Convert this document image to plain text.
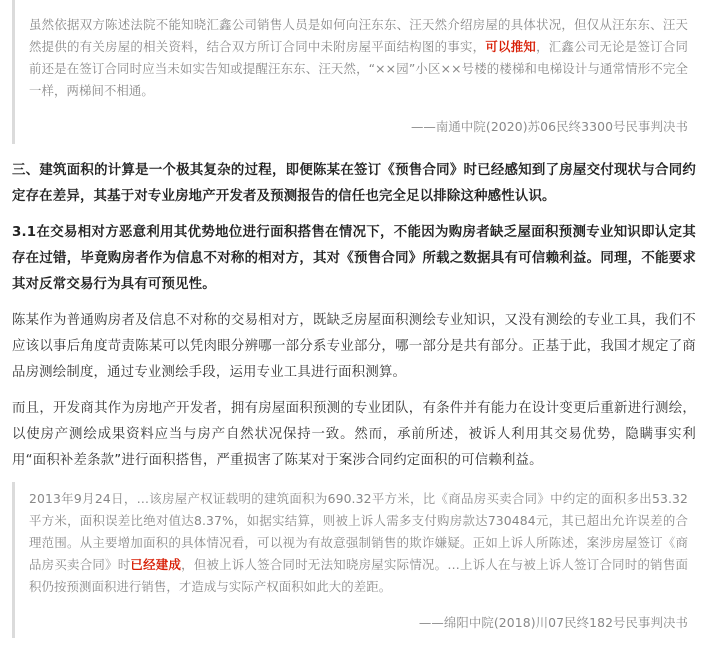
虽然依据双方陈述法院不能知晓汇鑫公司销售人员是如何向汪东东、汪天然介绍房屋的具体状况，但仅从汪东东、汪天然提供的有关房屋的相关资料，结合双方所订合同中未附房屋平面结构图的事实，可以推知，汇鑫公司无论是签订合同前还是在签订合同时应当未如实告知或提醒汪东东、汪天然，“××园”小区××号楼的楼梯和电梯设计与通常情形不完全一样，两梯间不相通。

——南通中院(2020)苏06民终3300号民事判决书

三、建筑面积的计算是一个极其复杂的过程，即便陈某在签订《预售合同》时已经感知到了房屋交付现状与合同约定存在差异，其基于对专业房地产开发者及预测报告的信任也完全足以排除这种感性认识。

3.1在交易相对方恶意利用其优势地位进行面积搭售在情况下，不能因为购房者缺乏屋面积预测专业知识即认定其存在过错，毕竟购房者作为信息不对称的相对方，其对《预售合同》所载之数据具有可信赖利益。同理，不能要求其对反常交易行为具有可预见性。

陈某作为普通购房者及信息不对称的交易相对方，既缺乏房屋面积测绘专业知识，又没有测绘的专业工具，我们不应该以事后角度苛责陈某可以凭肉眼分辨哪一部分系专业部分，哪一部分是共有部分。正基于此，我国才规定了商品房测绘制度，通过专业测绘手段，运用专业工具进行面积测算。

而且，开发商其作为房地产开发者，拥有房屋面积预测的专业团队，有条件并有能力在设计变更后重新进行测绘，以使房产测绘成果资料应当与房产自然状况保持一致。然而，承前所述，被诉人利用其交易优势，隐瞒事实利用“面积补差条款”进行面积搭售，严重损害了陈某对于案涉合同约定面积的可信赖利益。

2013年9月24日，…该房屋产权证载明的建筑面积为690.32平方米，比《商品房买卖合同》中约定的面积多出53.32平方米，面积误差比绝对值达8.37%，如据实结算，则被上诉人需多支付购房款达730484元，其已超出允许误差的合理范围。从主要增加面积的具体情况看，可以视为有故意强制销售的欺诈嫌疑。正如上诉人所陈述，案涉房屋签订《商品房买卖合同》时已经建成，但被上诉人签合同时无法知晓房屋实际情况。…上诉人在与被上诉人签订合同时的销售面积仍按预测面积进行销售，才造成与实际产权面积如此大的差距。

——绵阳中院(2018)川07民终182号民事判决书
